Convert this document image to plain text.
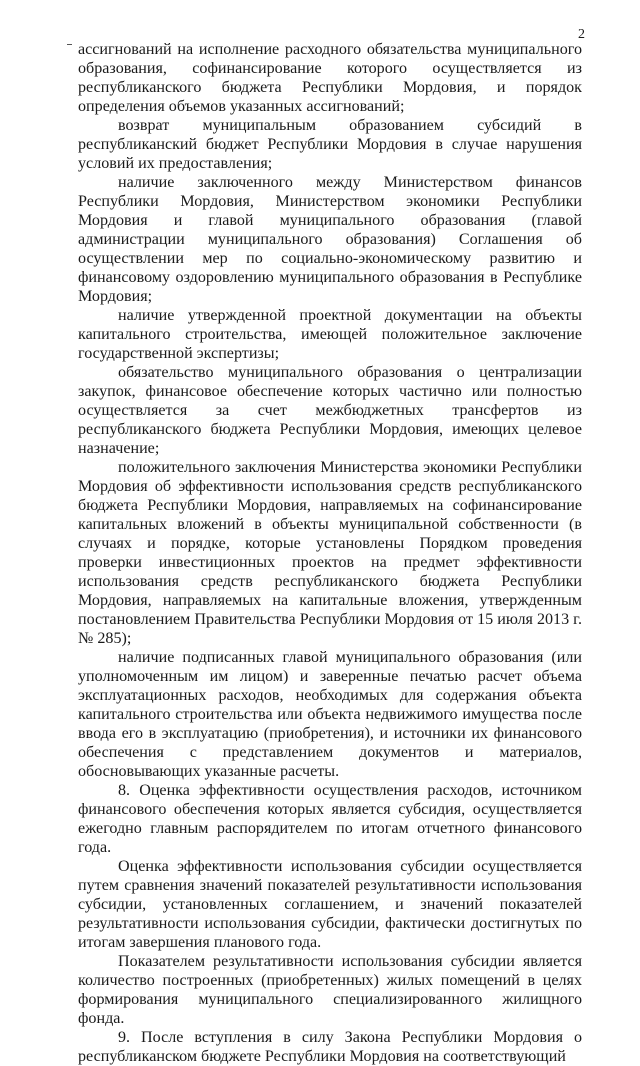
2

ассигнований на исполнение расходного обязательства муниципального образования, софинансирование которого осуществляется из республиканского бюджета Республики Мордовия, и порядок определения объемов указанных ассигнований;

возврат муниципальным образованием субсидий в республиканский бюджет Республики Мордовия в случае нарушения условий их предоставления;

наличие заключенного между Министерством финансов Республики Мордовия, Министерством экономики Республики Мордовия и главой муниципального образования (главой администрации муниципального образования) Соглашения об осуществлении мер по социально-экономическому развитию и финансовому оздоровлению муниципального образования в Республике Мордовия;

наличие утвержденной проектной документации на объекты капитального строительства, имеющей положительное заключение государственной экспертизы;

обязательство муниципального образования о централизации закупок, финансовое обеспечение которых частично или полностью осуществляется за счет межбюджетных трансфертов из республиканского бюджета Республики Мордовия, имеющих целевое назначение;

положительного заключения Министерства экономики Республики Мордовия об эффективности использования средств республиканского бюджета Республики Мордовия, направляемых на софинансирование капитальных вложений в объекты муниципальной собственности (в случаях и порядке, которые установлены Порядком проведения проверки инвестиционных проектов на предмет эффективности использования средств республиканского бюджета Республики Мордовия, направляемых на капитальные вложения, утвержденным постановлением Правительства Республики Мордовия от 15 июля 2013 г. № 285);

наличие подписанных главой муниципального образования (или уполномоченным им лицом) и заверенные печатью расчет объема эксплуатационных расходов, необходимых для содержания объекта капитального строительства или объекта недвижимого имущества после ввода его в эксплуатацию (приобретения), и источники их финансового обеспечения с представлением документов и материалов, обосновывающих указанные расчеты.

8. Оценка эффективности осуществления расходов, источником финансового обеспечения которых является субсидия, осуществляется ежегодно главным распорядителем по итогам отчетного финансового года.

Оценка эффективности использования субсидии осуществляется путем сравнения значений показателей результативности использования субсидии, установленных соглашением, и значений показателей результативности использования субсидии, фактически достигнутых по итогам завершения планового года.

Показателем результативности использования субсидии является количество построенных (приобретенных) жилых помещений в целях формирования муниципального специализированного жилищного фонда.

9. После вступления в силу Закона Республики Мордовия о республиканском бюджете Республики Мордовия на соответствующий
